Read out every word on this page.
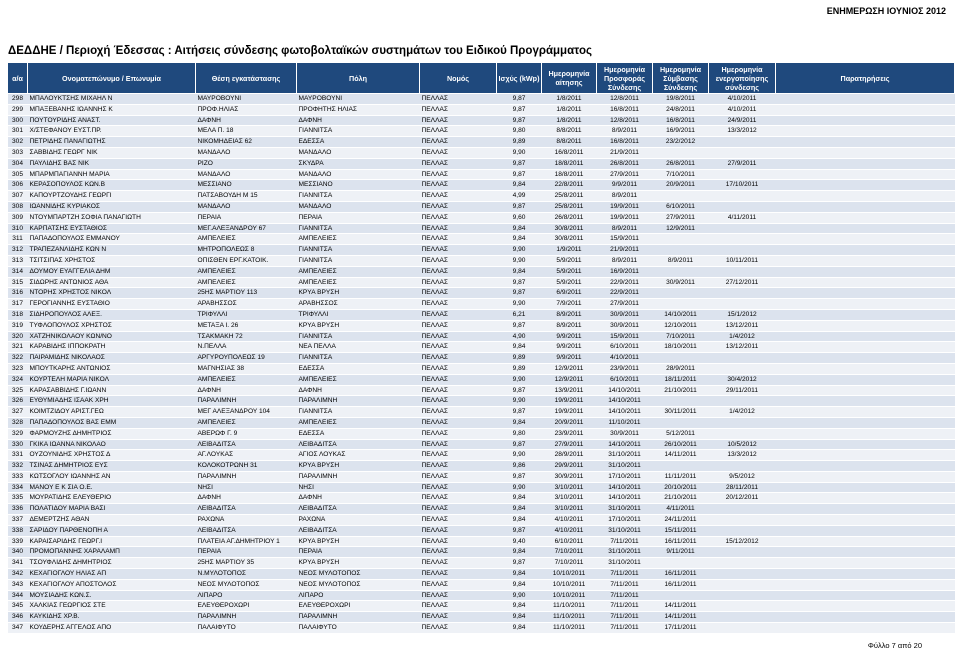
ΕΝΗΜΕΡΩΣΗ ΙΟΥΝΙΟΣ 2012
ΔΕΔΔΗΕ / Περιοχή Έδεσσας : Αιτήσεις σύνδεσης φωτοβολταϊκών συστημάτων του Ειδικού Προγράμματος
α/α	Ονοματεπώνυμο / Επωνυμία	Θέση εγκατάστασης	Πόλη	Νομός	Ισχύς (kWp)	Ημερομηνία αίτησης	Ημερομηνία Προσφοράς Σύνδεσης	Ημερομηνία Σύμβασης Σύνδεσης	Ημερομηνία ενεργοποίησης σύνδεσης	Παρατηρήσεις
298	ΜΠΑΛΟΥΚΤΣΗΣ ΜΙΧΑΗΛ Ν	ΜΑΥΡΟΒΟΥΝΙ	ΜΑΥΡΟΒΟΥΝΙ	ΠΕΛΛΑΣ	9,87	1/8/2011	12/8/2011	19/8/2011	4/10/2011	
299	ΜΠΑΞΕΒΑΝΗΣ ΙΩΑΝΝΗΣ Κ	ΠΡΟΦ.ΗΛΙΑΣ	ΠΡΟΦΗΤΗΣ ΗΛΙΑΣ	ΠΕΛΛΑΣ	9,87	1/8/2011	16/8/2011	24/8/2011	4/10/2011	
300	ΠΟΥΤΟΥΡΙΔΗΣ ΑΝΑΣΤ.	ΔΑΦΝΗ	ΔΑΦΝΗ	ΠΕΛΛΑΣ	9,87	1/8/2011	12/8/2011	16/8/2011	24/9/2011	
301	Χ/ΣΤΕΦΑΝΟΥ ΕΥΣΤ.ΠΡ.	ΜΕΛΑ Π. 18	ΓΙΑΝΝΙΤΣΑ	ΠΕΛΛΑΣ	9,80	8/8/2011	8/9/2011	16/9/2011	13/3/2012	
302	ΠΕΤΡΙΔΗΣ ΠΑΝΑΓΙΩΤΗΣ	ΝΙΚΟΜΗΔΕΙΑΣ 62	ΕΔΕΣΣΑ	ΠΕΛΛΑΣ	9,89	8/8/2011	16/8/2011	23/2/2012		
303	ΣΑΒΒΙΔΗΣ ΓΕΩΡΓ ΝΙΚ	ΜΑΝΔΑΛΟ	ΜΑΝΔΑΛΟ	ΠΕΛΛΑΣ	9,90	16/8/2011	21/9/2011			
304	ΠΑΥΛΙΔΗΣ ΒΑΣ ΝΙΚ	ΡΙΖΟ	ΣΚΥΔΡΑ	ΠΕΛΛΑΣ	9,87	18/8/2011	26/8/2011	26/8/2011	27/9/2011	
305	ΜΠΑΡΜΠΑΓΙΑΝΝΗ ΜΑΡΙΑ	ΜΑΝΔΑΛΟ	ΜΑΝΔΑΛΟ	ΠΕΛΛΑΣ	9,87	18/8/2011	27/9/2011	7/10/2011		
306	ΚΕΡΑΣΟΠΟΥΛΟΣ ΚΩΝ.Β	ΜΕΣΣΙΑΝΟ	ΜΕΣΣΙΑΝΟ	ΠΕΛΛΑΣ	9,84	22/8/2011	9/9/2011	20/9/2011	17/10/2011	
307	ΚΑΠΟΥΡΤΖΟΥΔΗΣ ΓΕΩΡΓΙ	ΠΑΤΣΑΒΟΥΔΗ Μ 15	ΓΙΑΝΝΙΤΣΑ	ΠΕΛΛΑΣ	4,99	25/8/2011	8/9/2011			
308	ΙΩΑΝΝΙΔΗΣ ΚΥΡΙΑΚΟΣ	ΜΑΝΔΑΛΟ	ΜΑΝΔΑΛΟ	ΠΕΛΛΑΣ	9,87	25/8/2011	19/9/2011	6/10/2011		
309	ΝΤΟΥΜΠΑΡΤΖΗ ΣΟΦΙΑ ΠΑΝΑΓΙΩΤΗ	ΠΕΡΑΙΑ	ΠΕΡΑΙΑ	ΠΕΛΛΑΣ	9,60	26/8/2011	19/9/2011	27/9/2011	4/11/2011	
310	ΚΑΡΠΑΤΣΗΣ ΕΥΣΤΑΘΙΟΣ	ΜΕΓ.ΑΛΕΞΑΝΔΡΟΥ 67	ΓΙΑΝΝΙΤΣΑ	ΠΕΛΛΑΣ	9,84	30/8/2011	8/9/2011	12/9/2011		
311	ΠΑΠΑΔΟΠΟΥΛΟΣ ΕΜΜΑΝΟΥ	ΑΜΠΕΛΕΙΕΣ	ΑΜΠΕΛΕΙΕΣ	ΠΕΛΛΑΣ	9,84	30/8/2011	15/9/2011			
312	ΤΡΑΠΕΖΑΝΛΙΔΗΣ ΚΩΝ Ν	ΜΗΤΡΟΠΟΛΕΩΣ 8	ΓΙΑΝΝΙΤΣΑ	ΠΕΛΛΑΣ	9,90	1/9/2011	21/9/2011			
313	ΤΣΙΤΣΙΠΑΣ ΧΡΗΣΤΟΣ	ΟΠΙΣΘΕΝ ΕΡΓ.ΚΑΤΟΙΚ.	ΓΙΑΝΝΙΤΣΑ	ΠΕΛΛΑΣ	9,90	5/9/2011	8/9/2011	8/9/2011	10/11/2011	
314	ΔΟΥΜΟΥ ΕΥΑΓΓΕΛΙΑ ΔΗΜ	ΑΜΠΕΛΕΙΕΣ	ΑΜΠΕΛΕΙΕΣ	ΠΕΛΛΑΣ	9,84	5/9/2011	16/9/2011			
315	ΣΙΔΩΡΗΣ ΑΝΤΩΝΙΟΣ ΑΘΑ	ΑΜΠΕΛΕΙΕΣ	ΑΜΠΕΛΕΙΕΣ	ΠΕΛΛΑΣ	9,87	5/9/2011	22/9/2011	30/9/2011	27/12/2011	
316	ΝΤΟΡΗΣ ΧΡΗΣΤΟΣ ΝΙΚΟΛ	25ΗΣ ΜΑΡΤΙΟΥ 113	ΚΡΥΑ ΒΡΥΣΗ	ΠΕΛΛΑΣ	9,87	6/9/2011	22/9/2011			
317	ΓΕΡΟΓΙΑΝΝΗΣ ΕΥΣΤΑΘΙΟ	ΑΡΑΒΗΣΣΟΣ	ΑΡΑΒΗΣΣΟΣ	ΠΕΛΛΑΣ	9,90	7/9/2011	27/9/2011			
318	ΣΙΔΗΡΟΠΟΥΛΟΣ ΑΛΕΞ.	ΤΡΙΦΥΛΛΙ	ΤΡΙΦΥΛΛΙ	ΠΕΛΛΑΣ	6,21	8/9/2011	30/9/2011	14/10/2011	15/1/2012	
319	ΤΥΦΛΟΠΟΥΛΟΣ ΧΡΗΣΤΟΣ	ΜΕΤΑΞΑ Ι. 26	ΚΡΥΑ ΒΡΥΣΗ	ΠΕΛΛΑΣ	9,87	8/9/2011	30/9/2011	12/10/2011	13/12/2011	
320	ΧΑΤΖΗΝΙΚΟΛΑΟΥ ΚΩΝ/ΝΟ	ΤΣΑΚΜΑΚΗ 72	ΓΙΑΝΝΙΤΣΑ	ΠΕΛΛΑΣ	4,90	9/9/2011	15/9/2011	7/10/2011	1/4/2012	
321	ΚΑΡΑΒΙΔΗΣ ΙΠΠΟΚΡΑΤΗ	Ν.ΠΕΛΛΑ	ΝΕΑ ΠΕΛΛΑ	ΠΕΛΛΑΣ	9,84	9/9/2011	6/10/2011	18/10/2011	13/12/2011	
322	ΠΑΙΡΑΜΙΔΗΣ ΝΙΚΟΛΑΟΣ	ΑΡΓΥΡΟΥΠΟΛΕΩΣ 19	ΓΙΑΝΝΙΤΣΑ	ΠΕΛΛΑΣ	9,89	9/9/2011	4/10/2011			
323	ΜΠΟΥΤΚΑΡΗΣ ΑΝΤΩΝΙΟΣ	ΜΑΓΝΗΣΙΑΣ 38	ΕΔΕΣΣΑ	ΠΕΛΛΑΣ	9,89	12/9/2011	23/9/2011	28/9/2011		
324	ΚΟΥΡΤΕΛΗ ΜΑΡΙΑ ΝΙΚΟΛ	ΑΜΠΕΛΕΙΕΣ	ΑΜΠΕΛΕΙΕΣ	ΠΕΛΛΑΣ	9,90	12/9/2011	6/10/2011	18/11/2011	30/4/2012	
325	ΚΑΡΑΣΑΒΒΙΔΗΣ Γ.ΙΩΑΝΝ	ΔΑΦΝΗ	ΔΑΦΝΗ	ΠΕΛΛΑΣ	9,87	13/9/2011	14/10/2011	21/10/2011	29/11/2011	
326	ΕΥΘΥΜΙΑΔΗΣ ΙΣΑΑΚ ΧΡΗ	ΠΑΡΑΛΙΜΝΗ	ΠΑΡΑΛΙΜΝΗ	ΠΕΛΛΑΣ	9,90	19/9/2011	14/10/2011			
327	ΚΟΙΜΤΖΙΔΟΥ ΑΡΙΣΤ.ΓΕΩ	ΜΕΓ ΑΛΕΞΑΝΔΡΟΥ 104	ΓΙΑΝΝΙΤΣΑ	ΠΕΛΛΑΣ	9,87	19/9/2011	14/10/2011	30/11/2011	1/4/2012	
328	ΠΑΠΑΔΟΠΟΥΛΟΣ ΒΑΣ ΕΜΜ	ΑΜΠΕΛΕΙΕΣ	ΑΜΠΕΛΕΙΕΣ	ΠΕΛΛΑΣ	9,84	20/9/2011	11/10/2011			
329	ΦΑΡΜΟΥΖΗΣ ΔΗΜΗΤΡΙΟΣ	ΑΒΕΡΩΦ Γ. 9	ΕΔΕΣΣΑ	ΠΕΛΛΑΣ	9,80	23/9/2011	30/9/2011	5/12/2011		
330	ΓΚΙΚΑ ΙΩΑΝΝΑ ΝΙΚΟΛΑΟ	ΛΕΙΒΑΔΙΤΣΑ	ΛΕΙΒΑΔΙΤΣΑ	ΠΕΛΛΑΣ	9,87	27/9/2011	14/10/2011	26/10/2011	10/5/2012	
331	ΟΥΖΟΥΝΙΔΗΣ ΧΡΗΣΤΟΣ Δ	ΑΓ.ΛΟΥΚΑΣ	ΑΓΙΟΣ ΛΟΥΚΑΣ	ΠΕΛΛΑΣ	9,90	28/9/2011	31/10/2011	14/11/2011	13/3/2012	
332	ΤΣΙΝΑΣ ΔΗΜΗΤΡΙΟΣ ΕΥΣ	ΚΟΛΟΚΟΤΡΩΝΗ 31	ΚΡΥΑ ΒΡΥΣΗ	ΠΕΛΛΑΣ	9,86	29/9/2011	31/10/2011			
333	ΚΩΤΣΟΓΛΟΥ ΙΩΑΝΝΗΣ ΑΝ	ΠΑΡΑΛΙΜΝΗ	ΠΑΡΑΛΙΜΝΗ	ΠΕΛΛΑΣ	9,87	30/9/2011	17/10/2011	11/11/2011	9/5/2012	
334	ΜΑΝΟΥ Ε Κ ΣΙΑ Ο.Ε.	ΝΗΣΙ	ΝΗΣΙ	ΠΕΛΛΑΣ	9,90	3/10/2011	14/10/2011	20/10/2011	28/11/2011	
335	ΜΟΥΡΑΤΙΔΗΣ ΕΛΕΥΘΕΡΙΟ	ΔΑΦΝΗ	ΔΑΦΝΗ	ΠΕΛΛΑΣ	9,84	3/10/2011	14/10/2011	21/10/2011	20/12/2011	
336	ΠΟΛΑΤΙΔΟΥ ΜΑΡΙΑ ΒΑΣΙ	ΛΕΙΒΑΔΙΤΣΑ	ΛΕΙΒΑΔΙΤΣΑ	ΠΕΛΛΑΣ	9,84	3/10/2011	31/10/2011	4/11/2011		
337	ΔΕΜΕΡΤΖΗΣ ΑΘΑΝ	ΡΑΧΩΝΑ	ΡΑΧΩΝΑ	ΠΕΛΛΑΣ	9,84	4/10/2011	17/10/2011	24/11/2011		
338	ΣΑΡΙΔΟΥ ΠΑΡΘΕΝΟΠΗ Α	ΛΕΙΒΑΔΙΤΣΑ	ΛΕΙΒΑΔΙΤΣΑ	ΠΕΛΛΑΣ	9,87	4/10/2011	31/10/2011	15/11/2011		
339	ΚΑΡΑΙΣΑΡΙΔΗΣ ΓΕΩΡΓ.Ι	ΠΛΑΤΕΙΑ ΑΓ.ΔΗΜΗΤΡΙΟΥ 1	ΚΡΥΑ ΒΡΥΣΗ	ΠΕΛΛΑΣ	9,40	6/10/2011	7/11/2011	16/11/2011	15/12/2012	
340	ΠΡΟΜΟΠΑΝΝΗΣ ΧΑΡΑΛΑΜΠ	ΠΕΡΑΙΑ	ΠΕΡΑΙΑ	ΠΕΛΛΑΣ	9,84	7/10/2011	31/10/2011	9/11/2011		
341	ΤΣΟΥΦΛΙΔΗΣ ΔΗΜΗΤΡΙΟΣ	25ΗΣ ΜΑΡΤΙΟΥ 35	ΚΡΥΑ ΒΡΥΣΗ	ΠΕΛΛΑΣ	9,87	7/10/2011	31/10/2011			
342	ΚΕΧΑΓΙΟΓΛΟΥ ΗΛΙΑΣ ΑΠ	Ν.ΜΥΛΟΤΟΠΟΣ	ΝΕΟΣ ΜΥΛΟΤΟΠΟΣ	ΠΕΛΛΑΣ	9,84	10/10/2011	7/11/2011	16/11/2011		
343	ΚΕΧΑΓΙΟΓΛΟΥ ΑΠΟΣΤΟΛΟΣ	ΝΕΟΣ ΜΥΛΟΤΟΠΟΣ	ΝΕΟΣ ΜΥΛΟΤΟΠΟΣ	ΠΕΛΛΑΣ	9,84	10/10/2011	7/11/2011	16/11/2011		
344	ΜΟΥΣΙΑΔΗΣ ΚΩΝ.Σ.	ΛΙΠΑΡΟ	ΛΙΠΑΡΟ	ΠΕΛΛΑΣ	9,90	10/10/2011	7/11/2011			
345	ΧΑΛΚΙΑΣ ΓΕΩΡΓΙΟΣ ΣΤΕ	ΕΛΕΥΘΕΡΟΧΩΡΙ	ΕΛΕΥΘΕΡΟΧΩΡΙ	ΠΕΛΛΑΣ	9,84	11/10/2011	7/11/2011	14/11/2011		
346	ΚΑΥΚΙΔΗΣ ΧΡ.Β.	ΠΑΡΑΛΙΜΝΗ	ΠΑΡΑΛΙΜΝΗ	ΠΕΛΛΑΣ	9,84	11/10/2011	7/11/2011	14/11/2011		
347	ΚΟΥΔΕΡΗΣ ΑΓΓΕΛΟΣ ΑΠΟ	ΠΑΛΑΙΦΥΤΟ	ΠΑΛΑΙΦΥΤΟ	ΠΕΛΛΑΣ	9,84	11/10/2011	7/11/2011	17/11/2011		
Φύλλο 7 από 20
